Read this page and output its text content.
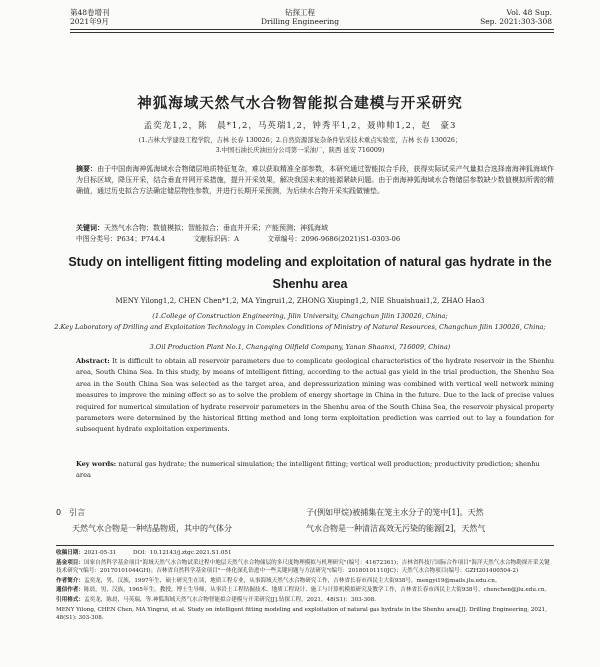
第48卷增刊
2021年9月
钻探工程
Drilling Engineering
Vol. 48 Sup.
Sep. 2021:303-308
神狐海域天然气水合物智能拟合建模与开采研究
孟奕龙1,2，陈　晨*1,2，马英瑞1,2，钟秀平1,2，聂帅帅1,2，赵　豪3
(1.吉林大学建设工程学院，吉林 长春 130026；2.自然资源部复杂条件钻采技术重点实验室，吉林 长春 130026；
3.中国石油长庆油田分公司第一采油厂，陕西 延安 716009)
摘要：由于中国南海神狐海域水合物储层地质特征复杂，难以获取精准全部参数，本研究通过智能拟合手段，获得实际试采产气量拟合选择南海神狐海域作为目标区域，降压开采，结合垂直井网开采措施，提升开采效果，解决我国未来的能源紧缺问题。由于南海神狐海域水合物储层参数缺少数值模拟所需的精确值，通过历史拟合方法确定储层物性参数，并进行长期开采预测，为后续水合物开采实践做铺垫。
关键词：天然气水合物；数值模拟；智能拟合；垂直井开采；产能预测；神狐海域
中图分类号：P634；P744.4	文献标识码：A	文章编号：2096-9686(2021)S1-0303-06
Study on intelligent fitting modeling and exploitation of natural gas hydrate in the Shenhu area
MENY Yilong1,2, CHEN Chen*1,2, MA Yingrui1,2, ZHONG Xiuping1,2, NIE Shuaishuai1,2, ZHAO Hao3
(1.College of Construction Engineering, Jilin University, Changchun Jilin 130026, China;
2.Key Laboratory of Drilling and Exploitation Technology in Complex Conditions of Ministry of Natural Resources, Changchun Jilin 130026, China;
3.Oil Production Plant No.1, Changqing Oilfield Company, Yanan Shaanxi, 716009, China)
Abstract: It is difficult to obtain all reservoir parameters due to complicate geological characteristics of the hydrate reservoir in the Shenhu area, South China Sea. In this study, by means of intelligent fitting, according to the actual gas yield in the trial production, the Shenhu Sea area in the South China Sea was selected as the target area, and depressurization mining was combined with vertical well network mining measures to improve the mining effect so as to solve the problem of energy shortage in China in the future. Due to the lack of precise values required for numerical simulation of hydrate reservoir parameters in the Shenhu area of the South China Sea, the reservoir physical property parameters were determined by the historical fitting method and long term exploitation prediction was carried out to lay a foundation for subsequent hydrate exploitation experiments.
Key words: natural gas hydrate; the numerical simulation; the intelligent fitting; vertical well production; productivity prediction; shenhu area
0　 引言
　　天然气水合物是一种结晶物质，其中的气体分
子(例如甲烷)被捕集在笼主水分子的笼中[1]。天然
气水合物是一种清洁高效无污染的能源[2]，天然气

收稿日期：2021-05-31　　　DOI：10.12143/j.ztgc.2021.S1.051

基金项目：国家自然科学基金项目"海域天然气水合物试采过程中地层天然气水合物储层的多尺度物理模拟与机理研究"(编号：41672361)；吉林省科技厅国际合作项目"海洋天然气水合物勘探开采关键技术研究"(编号：20170101044GH)；吉林省自然科学基金项目"一体化深孔钻进中一些关键问题与方法研究"(编号：20180101110JC)；天然气水合物项目(编号：GZH201400504-2)

作者简介：孟奕龙，男，汉族，1997年生，硕士研究生在读，地质工程专业，从事海域天然气水合物研究工作，吉林省长春市西民主大街938号，mengyi19@mails.jlu.edu.cn。

通信作者：陈晨，男，汉族，1965年生，教授，博士生导师，从事岩土工程钻掘技术、地质工程设计、施工与计算机模拟研究及教学工作，吉林省长春市西民主大街938号，chenchen@jlu.edu.cn。

引用格式：孟奕龙，陈晨，马英瑞，等.神狐海域天然气水合物智能拟合建模与开采研究[J].钻探工程，2021，48(S1)：303-308.

MENY Yilong, CHEN Chen, MA Yingrui, et al. Study on intelligent fitting modeling and exploitation of natural gas hydrate in the Shenhu area[J]. Drilling Engineering, 2021, 48(S1): 303-308.
